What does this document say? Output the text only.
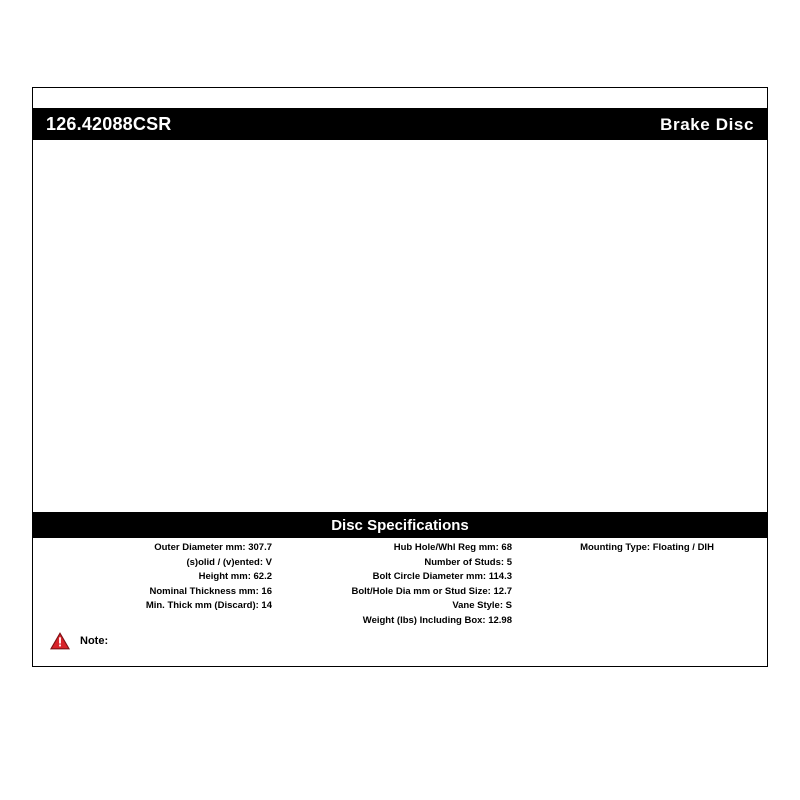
126.42088CSR	Brake Disc
Disc Specifications
Outer Diameter mm: 307.7
(s)olid / (v)ented: V
Height mm: 62.2
Nominal Thickness mm: 16
Min. Thick mm (Discard): 14
Hub Hole/Whl Reg mm: 68
Number of Studs: 5
Bolt Circle Diameter mm: 114.3
Bolt/Hole Dia mm or Stud Size: 12.7
Vane Style: S
Weight (lbs) Including Box: 12.98
Mounting Type: Floating / DIH
Note:
